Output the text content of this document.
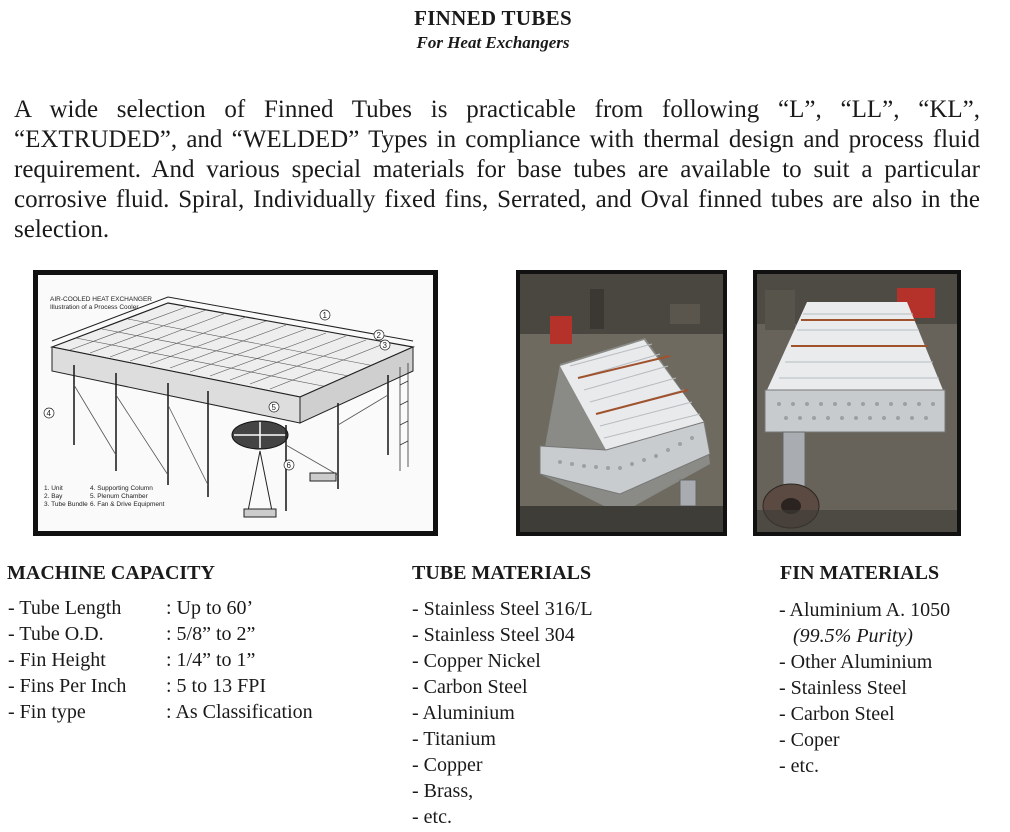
FINNED TUBES
For Heat Exchangers

A wide selection of Finned Tubes is practicable from following “L”, “LL”, “KL”, “EXTRUDED”, and “WELDED” Types in compliance with thermal design and process fluid requirement. And various special materials for base tubes are available to suit a particular corrosive fluid. Spiral, Individually fixed fins, Serrated, and Oval finned tubes are also in the selection.

AIR-COOLED HEAT EXCHANGER
Illustration of a Process Cooler
1
2
3
4
5
6
1. Unit
2. Bay
3. Tube Bundle
4. Supporting Column
5. Plenum Chamber
6. Fan & Drive Equipment
MACHINE CAPACITY
- Tube Length	: Up to 60’
- Tube O.D.	: 5/8” to 2”
- Fin Height	: 1/4” to 1”
- Fins Per Inch	: 5 to 13 FPI
- Fin type	: As Classification
TUBE MATERIALS
- Stainless Steel 316/L
- Stainless Steel 304
- Copper Nickel
- Carbon Steel
- Aluminium
- Titanium
- Copper
- Brass,
- etc.
FIN MATERIALS
- Aluminium A. 1050
(99.5% Purity)
- Other Aluminium
- Stainless Steel
- Carbon Steel
- Coper
- etc.
